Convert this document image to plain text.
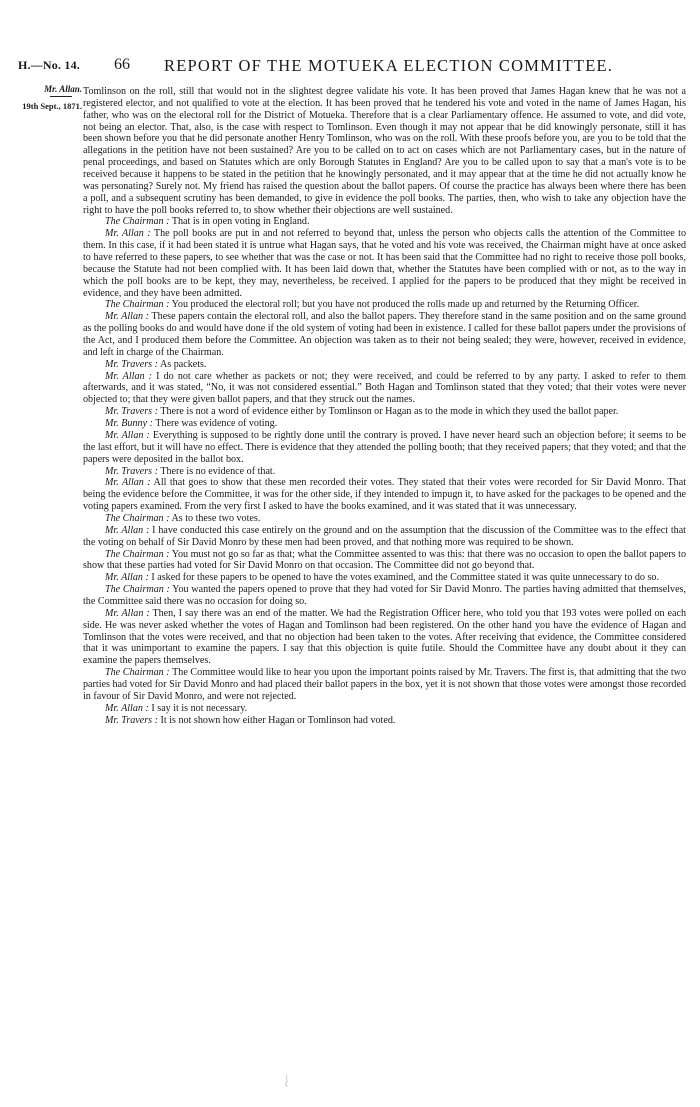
H.—No. 14. 66 REPORT OF THE MOTUEKA ELECTION COMMITTEE.
Mr. Allan.
19th Sept., 1871.

Tomlinson on the roll, still that would not in the slightest degree validate his vote. It has been proved that James Hagan knew that he was not a registered elector, and not qualified to vote at the election. It has been proved that he tendered his vote and voted in the name of James Hagan, his father, who was on the electoral roll for the District of Motueka. Therefore that is a clear Parliamentary offence. He assumed to vote, and did vote, not being an elector. That, also, is the case with respect to Tomlinson. Even though it may not appear that he did knowingly personate, still it has been shown before you that he did personate another Henry Tomlinson, who was on the roll. With these proofs before you, are you to be told that the allegations in the petition have not been sustained? Are you to be called on to act on cases which are not Parliamentary cases, but in the nature of penal proceedings, and based on Statutes which are only Borough Statutes in England? Are you to be called upon to say that a man's vote is to be received because it happens to be stated in the petition that he knowingly personated, and it may appear that at the time he did not actually know he was personating? Surely not. My friend has raised the question about the ballot papers. Of course the practice has always been where there has been a poll, and a subsequent scrutiny has been demanded, to give in evidence the poll books. The parties, then, who wish to take any objection have the right to have the poll books referred to, to show whether their objections are well sustained.

The Chairman : That is in open voting in England.

Mr. Allan : The poll books are put in and not referred to beyond that, unless the person who objects calls the attention of the Committee to them. In this case, if it had been stated it is untrue what Hagan says, that he voted and his vote was received, the Chairman might have at once asked to have referred to these papers, to see whether that was the case or not. It has been said that the Committee had no right to receive those poll books, because the Statute had not been complied with. It has been laid down that, whether the Statutes have been complied with or not, as to the way in which the poll books are to be kept, they may, nevertheless, be received. I applied for the papers to be produced that they might be received in evidence, and they have been admitted.

The Chairman : You produced the electoral roll; but you have not produced the rolls made up and returned by the Returning Officer.

Mr. Allan : These papers contain the electoral roll, and also the ballot papers. They therefore stand in the same position and on the same ground as the polling books do and would have done if the old system of voting had been in existence. I called for these ballot papers under the provisions of the Act, and I produced them before the Committee. An objection was taken as to their not being sealed; they were, however, received in evidence, and left in charge of the Chairman.

Mr. Travers : As packets.

Mr. Allan : I do not care whether as packets or not; they were received, and could be referred to by any party. I asked to refer to them afterwards, and it was stated, “No, it was not considered essential.” Both Hagan and Tomlinson stated that they voted; that their votes were never objected to; that they were given ballot papers, and that they struck out the names.

Mr. Travers : There is not a word of evidence either by Tomlinson or Hagan as to the mode in which they used the ballot paper.

Mr. Bunny : There was evidence of voting.

Mr. Allan : Everything is supposed to be rightly done until the contrary is proved. I have never heard such an objection before; it seems to be the last effort, but it will have no effect. There is evidence that they attended the polling booth; that they received papers; that they voted; and that the papers were deposited in the ballot box.

Mr. Travers : There is no evidence of that.

Mr. Allan : All that goes to show that these men recorded their votes. They stated that their votes were recorded for Sir David Monro. That being the evidence before the Committee, it was for the other side, if they intended to impugn it, to have asked for the packages to be opened and the voting papers examined. From the very first I asked to have the books examined, and it was stated that it was unnecessary.

The Chairman : As to these two votes.

Mr. Allan : I have conducted this case entirely on the ground and on the assumption that the discussion of the Committee was to the effect that the voting on behalf of Sir David Monro by these men had been proved, and that nothing more was required to be shown.

The Chairman : You must not go so far as that; what the Committee assented to was this: that there was no occasion to open the ballot papers to show that these parties had voted for Sir David Monro on that occasion. The Committee did not go beyond that.

Mr. Allan : I asked for these papers to be opened to have the votes examined, and the Committee stated it was quite unnecessary to do so.

The Chairman : You wanted the papers opened to prove that they had voted for Sir David Monro. The parties having admitted that themselves, the Committee said there was no occasion for doing so.

Mr. Allan : Then, I say there was an end of the matter. We had the Registration Officer here, who told you that 193 votes were polled on each side. He was never asked whether the votes of Hagan and Tomlinson had been registered. On the other hand you have the evidence of Hagan and Tomlinson that the votes were received, and that no objection had been taken to the votes. After receiving that evidence, the Committee considered that it was unimportant to examine the papers. I say that this objection is quite futile. Should the Committee have any doubt about it they can examine the papers themselves.

The Chairman : The Committee would like to hear you upon the important points raised by Mr. Travers. The first is, that admitting that the two parties had voted for Sir David Monro and had placed their ballot papers in the box, yet it is not shown that those votes were amongst those recorded in favour of Sir David Monro, and were not rejected.

Mr. Allan : I say it is not necessary.

Mr. Travers : It is not shown how either Hagan or Tomlinson had voted.
